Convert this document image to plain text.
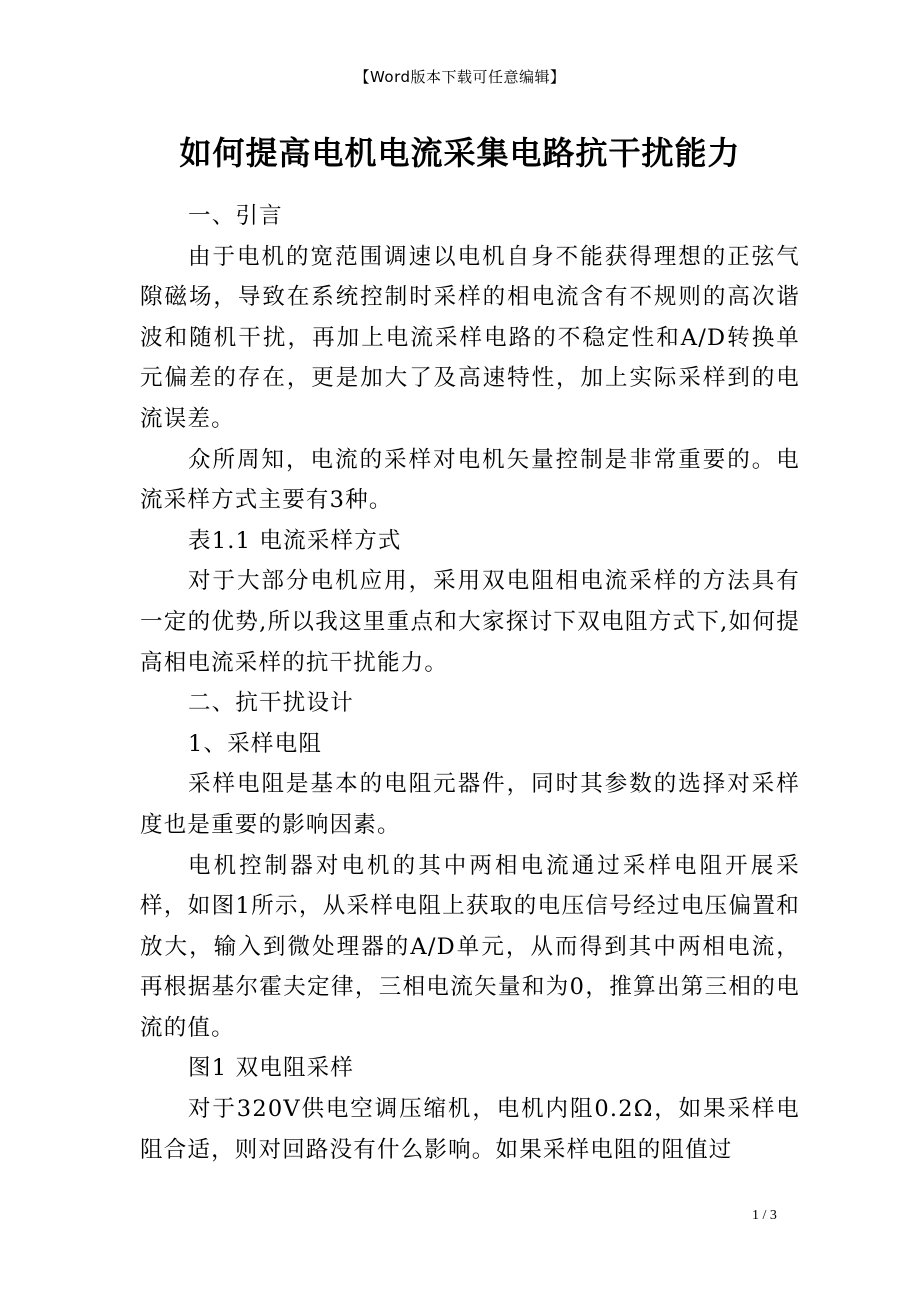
【Word版本下载可任意编辑】
如何提高电机电流采集电路抗干扰能力

一、引言

由于电机的宽范围调速以电机自身不能获得理想的正弦气隙磁场，导致在系统控制时采样的相电流含有不规则的高次谐波和随机干扰，再加上电流采样电路的不稳定性和A/D转换单元偏差的存在，更是加大了及高速特性，加上实际采样到的电流误差。

众所周知，电流的采样对电机矢量控制是非常重要的。电流采样方式主要有3种。

表1.1 电流采样方式

对于大部分电机应用，采用双电阻相电流采样的方法具有一定的优势,所以我这里重点和大家探讨下双电阻方式下,如何提高相电流采样的抗干扰能力。

二、抗干扰设计

1、采样电阻

采样电阻是基本的电阻元器件，同时其参数的选择对采样度也是重要的影响因素。

电机控制器对电机的其中两相电流通过采样电阻开展采样，如图1所示，从采样电阻上获取的电压信号经过电压偏置和放大，输入到微处理器的A/D单元，从而得到其中两相电流，再根据基尔霍夫定律，三相电流矢量和为0，推算出第三相的电流的值。

图1 双电阻采样

对于320V供电空调压缩机，电机内阻0.2Ω，如果采样电阻合适，则对回路没有什么影响。如果采样电阻的阻值过

1 / 3
